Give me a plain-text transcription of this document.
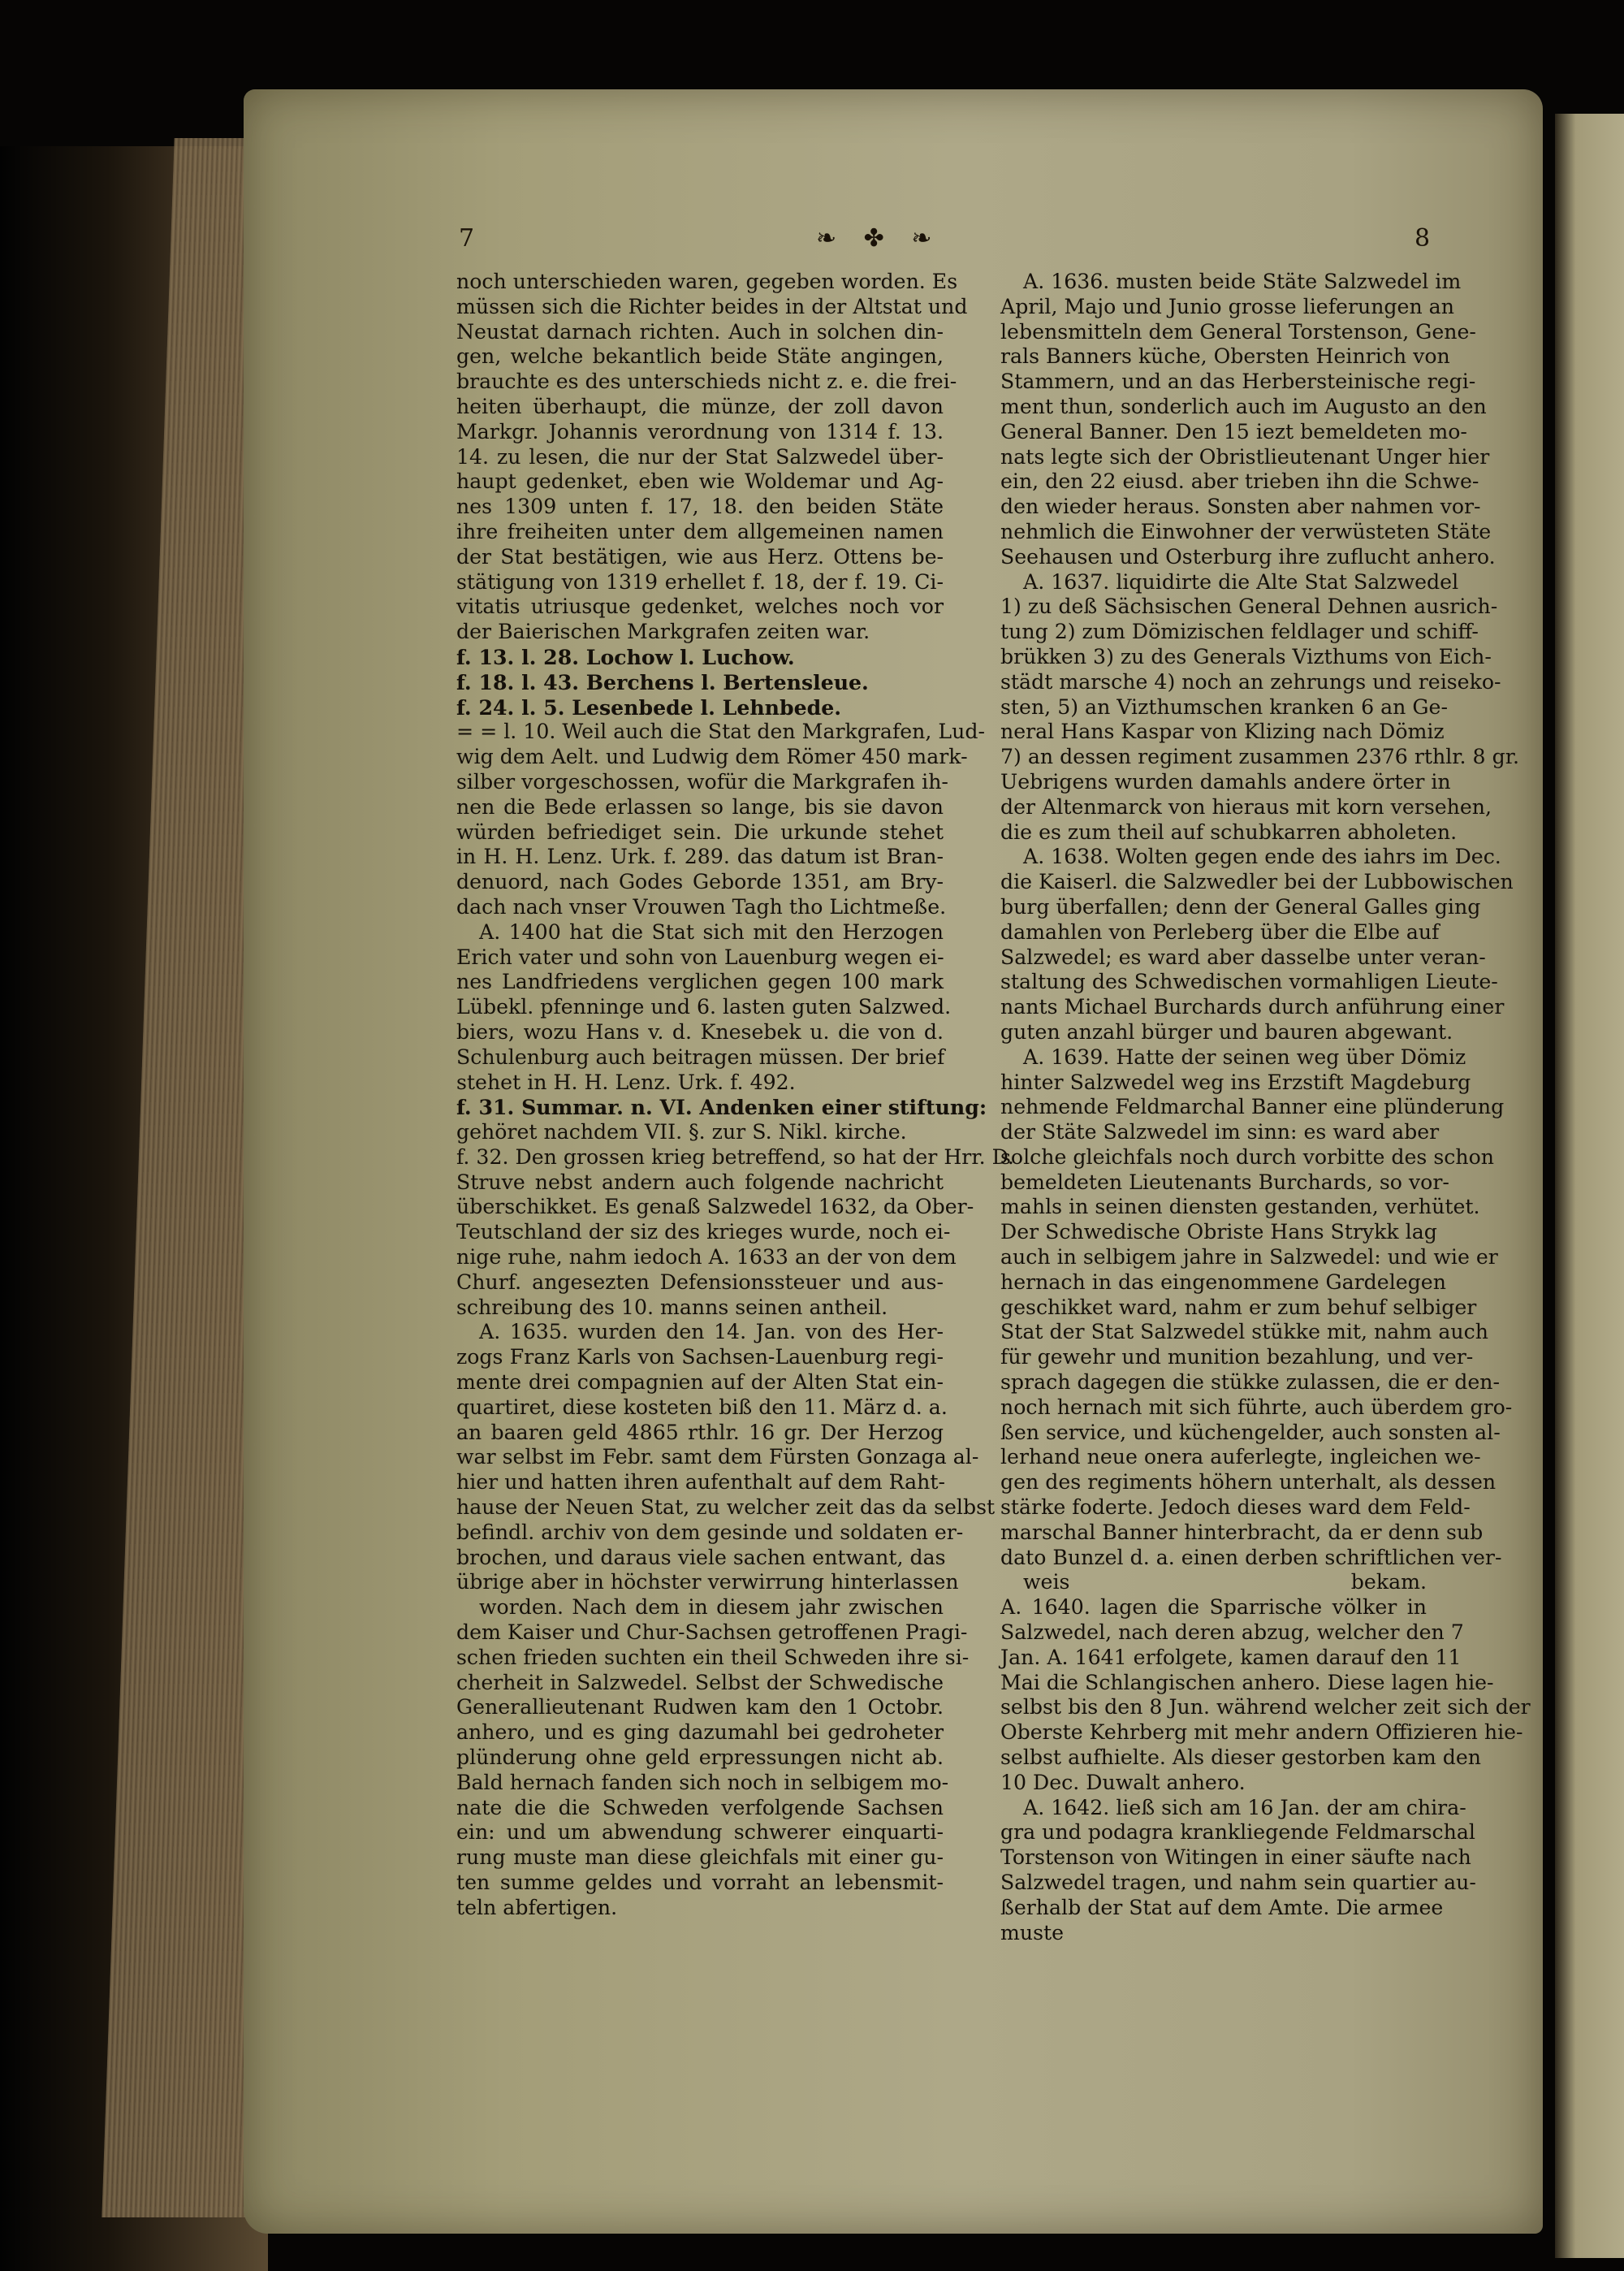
7	❧ ✤ ❧	8
noch unterschieden waren, gegeben worden. Es
müssen sich die Richter beides in der Altstat und
Neustat darnach richten. Auch in solchen din-
gen, welche bekantlich beide Stäte angingen,
brauchte es des unterschieds nicht z. e. die frei-
heiten überhaupt, die münze, der zoll davon
Markgr. Johannis verordnung von 1314 f. 13.
14. zu lesen, die nur der Stat Salzwedel über-
haupt gedenket, eben wie Woldemar und Ag-
nes 1309 unten f. 17, 18. den beiden Stäte
ihre freiheiten unter dem allgemeinen namen
der Stat bestätigen, wie aus Herz. Ottens be-
stätigung von 1319 erhellet f. 18, der f. 19. Ci-
vitatis utriusque gedenket, welches noch vor
der Baierischen Markgrafen zeiten war.
f. 13. l. 28. Lochow l. Luchow.
f. 18. l. 43. Berchens l. Bertensleue.
f. 24. l. 5. Lesenbede l. Lehnbede.
= = l. 10. Weil auch die Stat den Markgrafen, Lud-
wig dem Aelt. und Ludwig dem Römer 450 mark-
silber vorgeschossen, wofür die Markgrafen ih-
nen die Bede erlassen so lange, bis sie davon
würden befriediget sein. Die urkunde stehet
in H. H. Lenz. Urk. f. 289. das datum ist Bran-
denuord, nach Godes Geborde 1351, am Bry-
dach nach vnser Vrouwen Tagh tho Lichtmeße.
A. 1400 hat die Stat sich mit den Herzogen
Erich vater und sohn von Lauenburg wegen ei-
nes Landfriedens verglichen gegen 100 mark
Lübekl. pfenninge und 6. lasten guten Salzwed.
biers, wozu Hans v. d. Knesebek u. die von d.
Schulenburg auch beitragen müssen. Der brief
stehet in H. H. Lenz. Urk. f. 492.
f. 31. Summar. n. VI. Andenken einer stiftung:
gehöret nachdem VII. §. zur S. Nikl. kirche.
f. 32. Den grossen krieg betreffend, so hat der Hrr. D.
Struve nebst andern auch folgende nachricht
überschikket. Es genaß Salzwedel 1632, da Ober-
Teutschland der siz des krieges wurde, noch ei-
nige ruhe, nahm iedoch A. 1633 an der von dem
Churf. angesezten Defensionssteuer und aus-
schreibung des 10. manns seinen antheil.
A. 1635. wurden den 14. Jan. von des Her-
zogs Franz Karls von Sachsen-Lauenburg regi-
mente drei compagnien auf der Alten Stat ein-
quartiret, diese kosteten biß den 11. März d. a.
an baaren geld 4865 rthlr. 16 gr. Der Herzog
war selbst im Febr. samt dem Fürsten Gonzaga al-
hier und hatten ihren aufenthalt auf dem Raht-
hause der Neuen Stat, zu welcher zeit das da selbst
befindl. archiv von dem gesinde und soldaten er-
brochen, und daraus viele sachen entwant, das
übrige aber in höchster verwirrung hinterlassen
worden. Nach dem in diesem jahr zwischen
dem Kaiser und Chur-Sachsen getroffenen Pragi-
schen frieden suchten ein theil Schweden ihre si-
cherheit in Salzwedel. Selbst der Schwedische
Generallieutenant Rudwen kam den 1 Octobr.
anhero, und es ging dazumahl bei gedroheter
plünderung ohne geld erpressungen nicht ab.
Bald hernach fanden sich noch in selbigem mo-
nate die die Schweden verfolgende Sachsen
ein: und um abwendung schwerer einquarti-
rung muste man diese gleichfals mit einer gu-
ten summe geldes und vorraht an lebensmit-
teln abfertigen.
A. 1636. musten beide Stäte Salzwedel im
April, Majo und Junio grosse lieferungen an
lebensmitteln dem General Torstenson, Gene-
rals Banners küche, Obersten Heinrich von
Stammern, und an das Herbersteinische regi-
ment thun, sonderlich auch im Augusto an den
General Banner. Den 15 iezt bemeldeten mo-
nats legte sich der Obristlieutenant Unger hier
ein, den 22 eiusd. aber trieben ihn die Schwe-
den wieder heraus. Sonsten aber nahmen vor-
nehmlich die Einwohner der verwüsteten Stäte
Seehausen und Osterburg ihre zuflucht anhero.
A. 1637. liquidirte die Alte Stat Salzwedel
1) zu deß Sächsischen General Dehnen ausrich-
tung 2) zum Dömizischen feldlager und schiff-
brükken 3) zu des Generals Vizthums von Eich-
städt marsche 4) noch an zehrungs und reiseko-
sten, 5) an Vizthumschen kranken 6 an Ge-
neral Hans Kaspar von Klizing nach Dömiz
7) an dessen regiment zusammen 2376 rthlr. 8 gr.
Uebrigens wurden damahls andere örter in
der Altenmarck von hieraus mit korn versehen,
die es zum theil auf schubkarren abholeten.
A. 1638. Wolten gegen ende des iahrs im Dec.
die Kaiserl. die Salzwedler bei der Lubbowischen
burg überfallen; denn der General Galles ging
damahlen von Perleberg über die Elbe auf
Salzwedel; es ward aber dasselbe unter veran-
staltung des Schwedischen vormahligen Lieute-
nants Michael Burchards durch anführung einer
guten anzahl bürger und bauren abgewant.
A. 1639. Hatte der seinen weg über Dömiz
hinter Salzwedel weg ins Erzstift Magdeburg
nehmende Feldmarchal Banner eine plünderung
der Stäte Salzwedel im sinn: es ward aber
solche gleichfals noch durch vorbitte des schon
bemeldeten Lieutenants Burchards, so vor-
mahls in seinen diensten gestanden, verhütet.
Der Schwedische Obriste Hans Strykk lag
auch in selbigem jahre in Salzwedel: und wie er
hernach in das eingenommene Gardelegen
geschikket ward, nahm er zum behuf selbiger
Stat der Stat Salzwedel stükke mit, nahm auch
für gewehr und munition bezahlung, und ver-
sprach dagegen die stükke zulassen, die er den-
noch hernach mit sich führte, auch überdem gro-
ßen service, und küchengelder, auch sonsten al-
lerhand neue onera auferlegte, ingleichen we-
gen des regiments höhern unterhalt, als dessen
stärke foderte. Jedoch dieses ward dem Feld-
marschal Banner hinterbracht, da er denn sub
dato Bunzel d. a. einen derben schriftlichen ver-
weis bekam.
A. 1640. lagen die Sparrische völker in
Salzwedel, nach deren abzug, welcher den 7
Jan. A. 1641 erfolgete, kamen darauf den 11
Mai die Schlangischen anhero. Diese lagen hie-
selbst bis den 8 Jun. während welcher zeit sich der
Oberste Kehrberg mit mehr andern Offizieren hie-
selbst aufhielte. Als dieser gestorben kam den
10 Dec. Duwalt anhero.
A. 1642. ließ sich am 16 Jan. der am chira-
gra und podagra krankliegende Feldmarschal
Torstenson von Witingen in einer säufte nach
Salzwedel tragen, und nahm sein quartier au-
ßerhalb der Stat auf dem Amte. Die armee
muste
